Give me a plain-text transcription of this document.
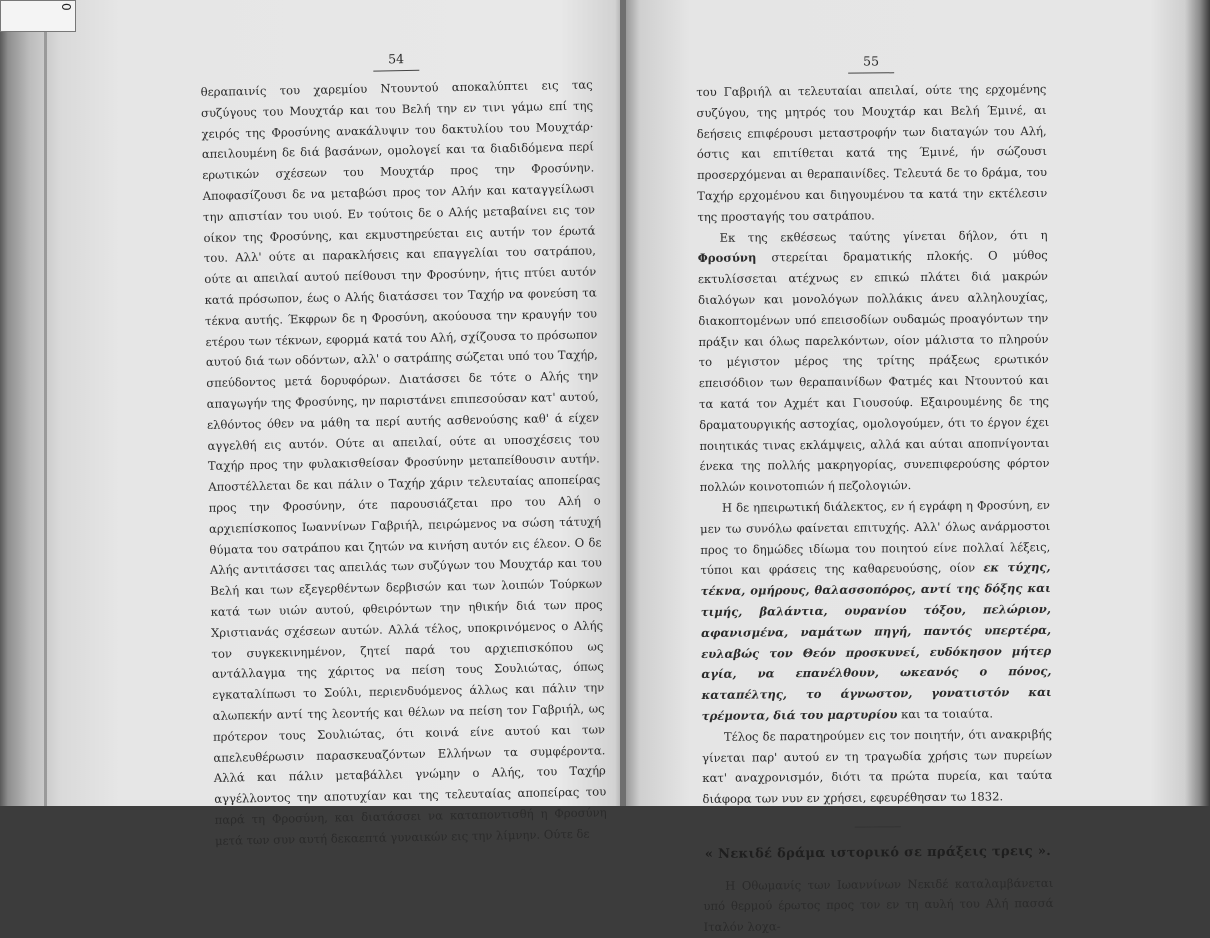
0
54

θεραπαινίς του χαρεμίου Ντουντού αποκαλύπτει εις τας συζύγους του Μουχτάρ και του Βελή την εν τινι γάμω επί της χειρός της Φροσύνης ανακάλυψιν του δακτυλίου του Μουχτάρ· απειλουμένη δε διά βασάνων, ομολογεί και τα διαδιδόμενα περί ερωτικών σχέσεων του Μουχτάρ προς την Φροσύνην. Αποφασίζουσι δε να μεταβώσι προς τον Αλήν και καταγγείλωσι την απιστίαν του υιού. Εν τούτοις δε ο Αλής μεταβαίνει εις τον οίκον της Φροσύνης, και εκμυστηρεύεται εις αυτήν τον έρωτά του. Αλλ' ούτε αι παρακλήσεις και επαγγελίαι του σατράπου, ούτε αι απειλαί αυτού πείθουσι την Φροσύνην, ήτις πτύει αυτόν κατά πρόσωπον, έως ο Αλής διατάσσει τον Ταχήρ να φονεύση τα τέκνα αυτής. Έκφρων δε η Φροσύνη, ακούουσα την κραυγήν του ετέρου των τέκνων, εφορμά κατά του Αλή, σχίζουσα το πρόσωπον αυτού διά των οδόντων, αλλ' ο σατράπης σώζεται υπό του Ταχήρ, σπεύδοντος μετά δορυφόρων. Διατάσσει δε τότε ο Αλής την απαγωγήν της Φροσύνης, ην παριστάνει επιπεσούσαν κατ' αυτού, ελθόντος όθεν να μάθη τα περί αυτής ασθενούσης καθ' ά είχεν αγγελθή εις αυτόν. Ούτε αι απειλαί, ούτε αι υποσχέσεις του Ταχήρ προς την φυλακισθείσαν Φροσύνην μεταπείθουσιν αυτήν. Αποστέλλεται δε και πάλιν ο Ταχήρ χάριν τελευταίας αποπείρας προς την Φροσύνην, ότε παρουσιάζεται προ του Αλή ο αρχιεπίσκοπος Ιωαννίνων Γαβριήλ, πειρώμενος να σώση τάτυχή θύματα του σατράπου και ζητών να κινήση αυτόν εις έλεον. Ο δε Αλής αντιτάσσει τας απειλάς των συζύγων του Μουχτάρ και του Βελή και των εξεγερθέντων δερβισών και των λοιπών Τούρκων κατά των υιών αυτού, φθειρόντων την ηθικήν διά των προς Χριστιανάς σχέσεων αυτών. Αλλά τέλος, υποκρινόμενος ο Αλής τον συγκεκινημένον, ζητεί παρά του αρχιεπισκόπου ως αντάλλαγμα της χάριτος να πείση τους Σουλιώτας, όπως εγκαταλίπωσι το Σούλι, περιενδυόμενος άλλως και πάλιν την αλωπεκήν αντί της λεοντής και θέλων να πείση τον Γαβριήλ, ως πρότερον τους Σουλιώτας, ότι κοινά είνε αυτού και των απελευθέρωσιν παρασκευαζόντων Ελλήνων τα συμφέροντα. Αλλά και πάλιν μεταβάλλει γνώμην ο Αλής, του Ταχήρ αγγέλλοντος την αποτυχίαν και της τελευταίας αποπείρας του παρά τη Φροσύνη, και διατάσσει να καταποντισθή η Φροσύνη μετά των συν αυτή δεκαεπτά γυναικών εις την λίμνην. Ούτε δε

55

του Γαβριήλ αι τελευταίαι απειλαί, ούτε της ερχομένης συζύγου, της μητρός του Μουχτάρ και Βελή Έμινέ, αι δεήσεις επιφέρουσι μεταστροφήν των διαταγών του Αλή, όστις και επιτίθεται κατά της Έμινέ, ήν σώζουσι προσερχόμεναι αι θεραπαινίδες. Τελευτά δε το δράμα, του Ταχήρ ερχομένου και διηγουμένου τα κατά την εκτέλεσιν της προσταγής του σατράπου.

Εκ της εκθέσεως ταύτης γίνεται δήλον, ότι η Φροσύνη στερείται δραματικής πλοκής. Ο μύθος εκτυλίσσεται ατέχνως εν επικώ πλάτει διά μακρών διαλόγων και μονολόγων πολλάκις άνευ αλληλουχίας, διακοπτομένων υπό επεισοδίων ουδαμώς προαγόντων την πράξιν και όλως παρελκόντων, οίον μάλιστα το πληρούν το μέγιστον μέρος της τρίτης πράξεως ερωτικόν επεισόδιον των θεραπαινίδων Φατμές και Ντουντού και τα κατά τον Αχμέτ και Γιουσούφ. Εξαιρουμένης δε της δραματουργικής αστοχίας, ομολογούμεν, ότι το έργον έχει ποιητικάς τινας εκλάμψεις, αλλά και αύται αποπνίγονται ένεκα της πολλής μακρηγορίας, συνεπιφερούσης φόρτον πολλών κοινοτοπιών ή πεζολογιών.

Η δε ηπειρωτική διάλεκτος, εν ή εγράφη η Φροσύνη, εν μεν τω συνόλω φαίνεται επιτυχής. Αλλ' όλως ανάρμοστοι προς το δημώδες ιδίωμα του ποιητού είνε πολλαί λέξεις, τύποι και φράσεις της καθαρευούσης, οίον εκ τύχης, τέκνα, ομήρους, θαλασσοπόρος, αντί της δόξης και τιμής, βαλάντια, ουρανίου τόξου, πελώριον, αφανισμένα, ναμάτων πηγή, παντός υπερτέρα, ευλαβώς τον Θεόν προσκυνεί, ευδόκησον μήτερ αγία, να επανέλθουν, ωκεανός ο πόνος, καταπέλτης, το άγνωστον, γονατιστόν και τρέμοντα, διά του μαρτυρίου και τα τοιαύτα.

Τέλος δε παρατηρούμεν εις τον ποιητήν, ότι ανακριβής γίνεται παρ' αυτού εν τη τραγωδία χρήσις των πυρείων κατ' αναχρονισμόν, διότι τα πρώτα πυρεία, και ταύτα διάφορα των νυν εν χρήσει, εφευρέθησαν τω 1832.

« Νεκιδέ δράμα ιστορικό σε πράξεις τρεις ».

Η Οθωμανίς των Ιωαννίνων Νεκιδέ καταλαμβάνεται υπό θερμού έρωτος προς τον εν τη αυλή του Αλή πασσά Ιταλόν λοχα-
